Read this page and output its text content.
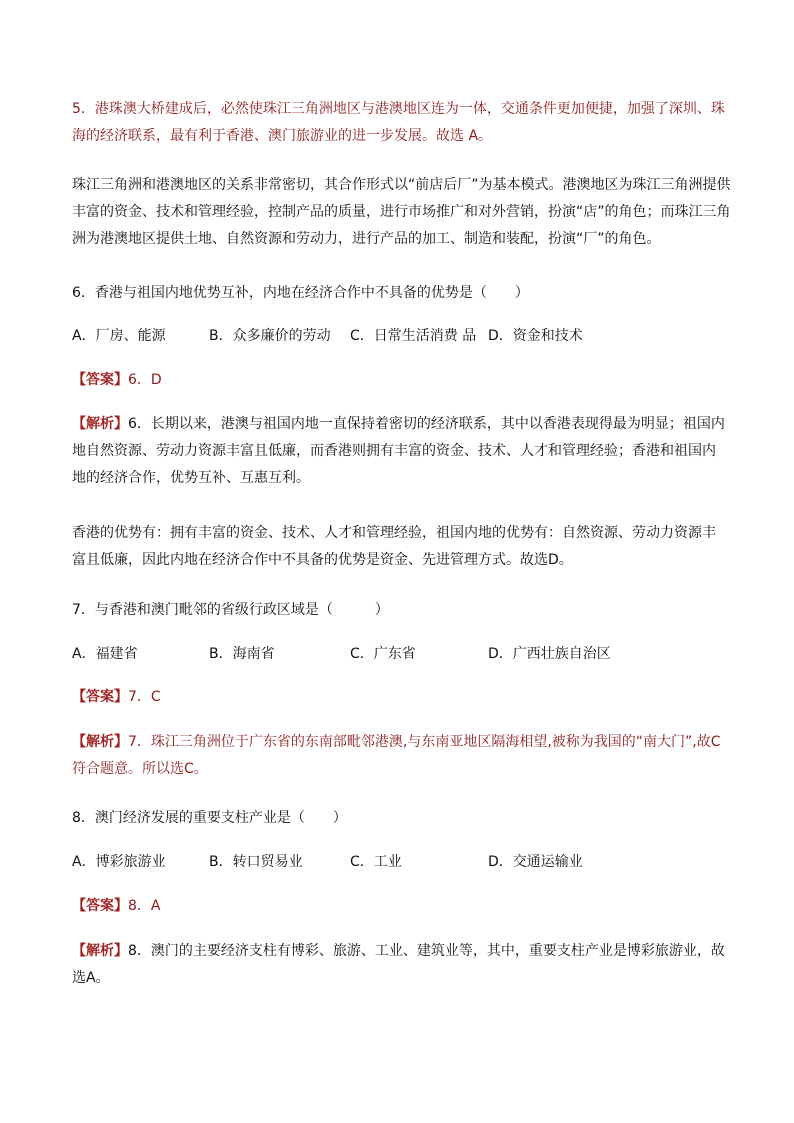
5．港珠澳大桥建成后，必然使珠江三角洲地区与港澳地区连为一体，交通条件更加便捷，加强了深圳、珠
海的经济联系，最有利于香港、澳门旅游业的进一步发展。故选 A。
珠江三角洲和港澳地区的关系非常密切，其合作形式以“前店后厂”为基本模式。港澳地区为珠江三角洲提供
丰富的资金、技术和管理经验，控制产品的质量，进行市场推广和对外营销，扮演“店”的角色；而珠江三角
洲为港澳地区提供土地、自然资源和劳动力，进行产品的加工、制造和装配，扮演“厂”的角色。
6．香港与祖国内地优势互补，内地在经济合作中不具备的优势是（　　）
A．厂房、能源	B．众多廉价的劳动	C．日常生活消费 品 D．资金和技术
【答案】6．D
【解析】6．长期以来，港澳与祖国内地一直保持着密切的经济联系，其中以香港表现得最为明显；祖国内
地自然资源、劳动力资源丰富且低廉，而香港则拥有丰富的资金、技术、人才和管理经验；香港和祖国内
地的经济合作，优势互补、互惠互利。
香港的优势有：拥有丰富的资金、技术、人才和管理经验，祖国内地的优势有：自然资源、劳动力资源丰
富且低廉，因此内地在经济合作中不具备的优势是资金、先进管理方式。故选D。
7．与香港和澳门毗邻的省级行政区域是（　　　）
A．福建省	B．海南省	C．广东省	D．广西壮族自治区
【答案】7．C
【解析】7．珠江三角洲位于广东省的东南部毗邻港澳,与东南亚地区隔海相望,被称为我国的“南大门”,故C
符合题意。所以选C。
8．澳门经济发展的重要支柱产业是（　　）
A．博彩旅游业	B．转口贸易业	C．工业	D．交通运输业
【答案】8．A
【解析】8．澳门的主要经济支柱有博彩、旅游、工业、建筑业等，其中，重要支柱产业是博彩旅游业，故
选A。
